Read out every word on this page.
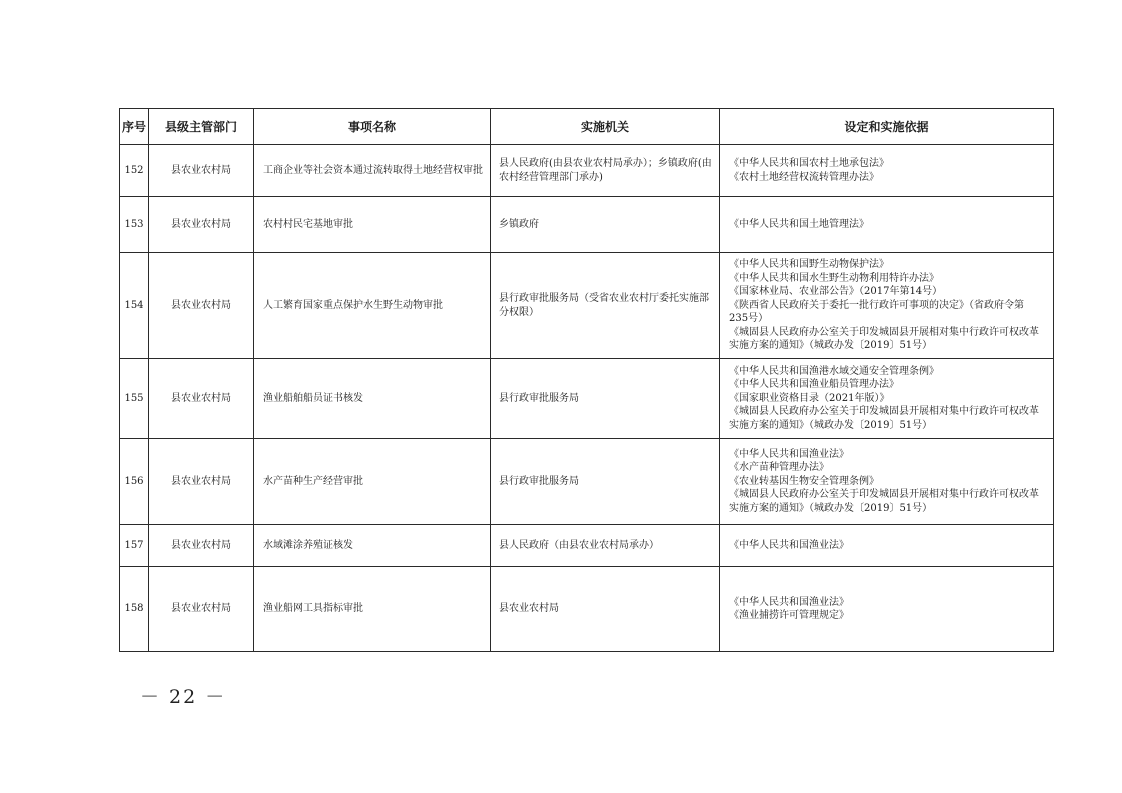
序号	县级主管部门	事项名称	实施机关	设定和实施依据
152	县农业农村局	工商企业等社会资本通过流转取得土地经营权审批	县人民政府(由县农业农村局承办）；乡镇政府(由农村经营管理部门承办)	《中华人民共和国农村土地承包法》
《农村土地经营权流转管理办法》

153	县农业农村局	农村村民宅基地审批	乡镇政府	《中华人民共和国土地管理法》

154	县农业农村局	人工繁育国家重点保护水生野生动物审批	县行政审批服务局（受省农业农村厅委托实施部分权限）	《中华人民共和国野生动物保护法》
《中华人民共和国水生野生动物利用特许办法》
《国家林业局、农业部公告》（2017年第14号）
《陕西省人民政府关于委托一批行政许可事项的决定》（省政府令第235号）
《城固县人民政府办公室关于印发城固县开展相对集中行政许可权改革实施方案的通知》（城政办发〔2019〕51号）

155	县农业农村局	渔业船舶船员证书核发	县行政审批服务局	《中华人民共和国渔港水域交通安全管理条例》
《中华人民共和国渔业船员管理办法》
《国家职业资格目录（2021年版）》
《城固县人民政府办公室关于印发城固县开展相对集中行政许可权改革实施方案的通知》（城政办发〔2019〕51号）

156	县农业农村局	水产苗种生产经营审批	县行政审批服务局	《中华人民共和国渔业法》
《水产苗种管理办法》
《农业转基因生物安全管理条例》
《城固县人民政府办公室关于印发城固县开展相对集中行政许可权改革实施方案的通知》（城政办发〔2019〕51号）

157	县农业农村局	水域滩涂养殖证核发	县人民政府（由县农业农村局承办）	《中华人民共和国渔业法》

158	县农业农村局	渔业船网工具指标审批	县农业农村局	《中华人民共和国渔业法》
《渔业捕捞许可管理规定》
－ 22 －
